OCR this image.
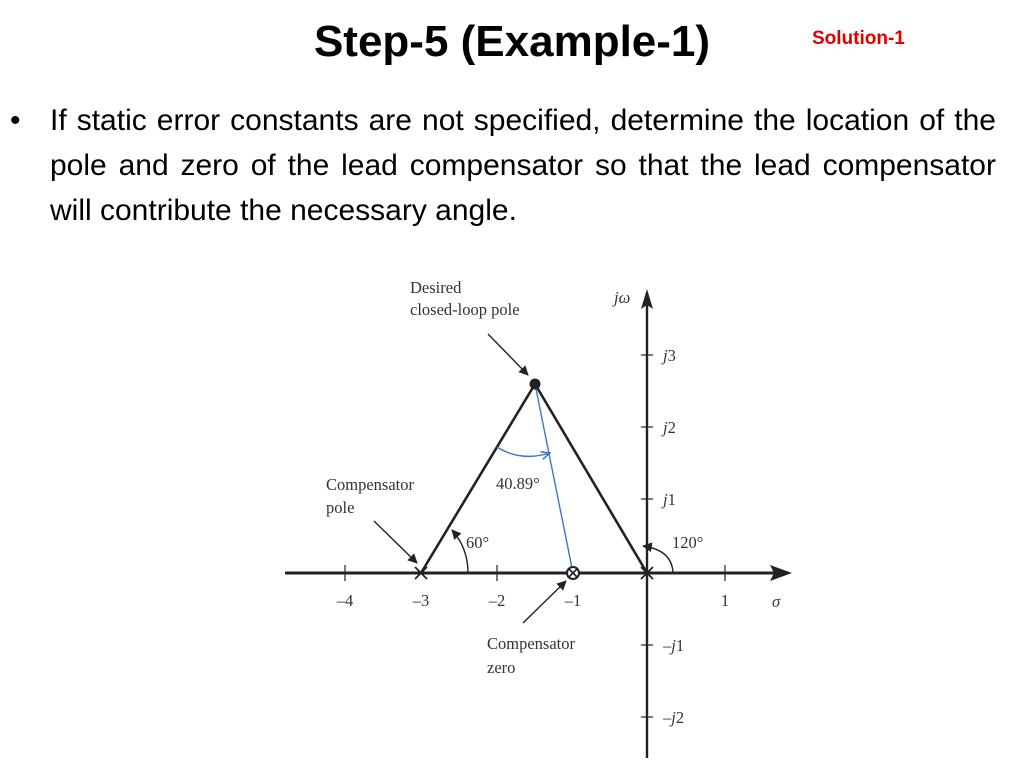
Step-5 (Example-1)	Solution-1
• If static error constants are not specified, determine the location of the pole and zero of the lead compensator so that the lead compensator will contribute the necessary angle.
Desired
closed-loop pole
Compensator
pole
Compensator
zero
40.89°
60°	120°
jω
σ
–4	–3	–2	–1	1
j3
j2
j1
–j1
–j2
